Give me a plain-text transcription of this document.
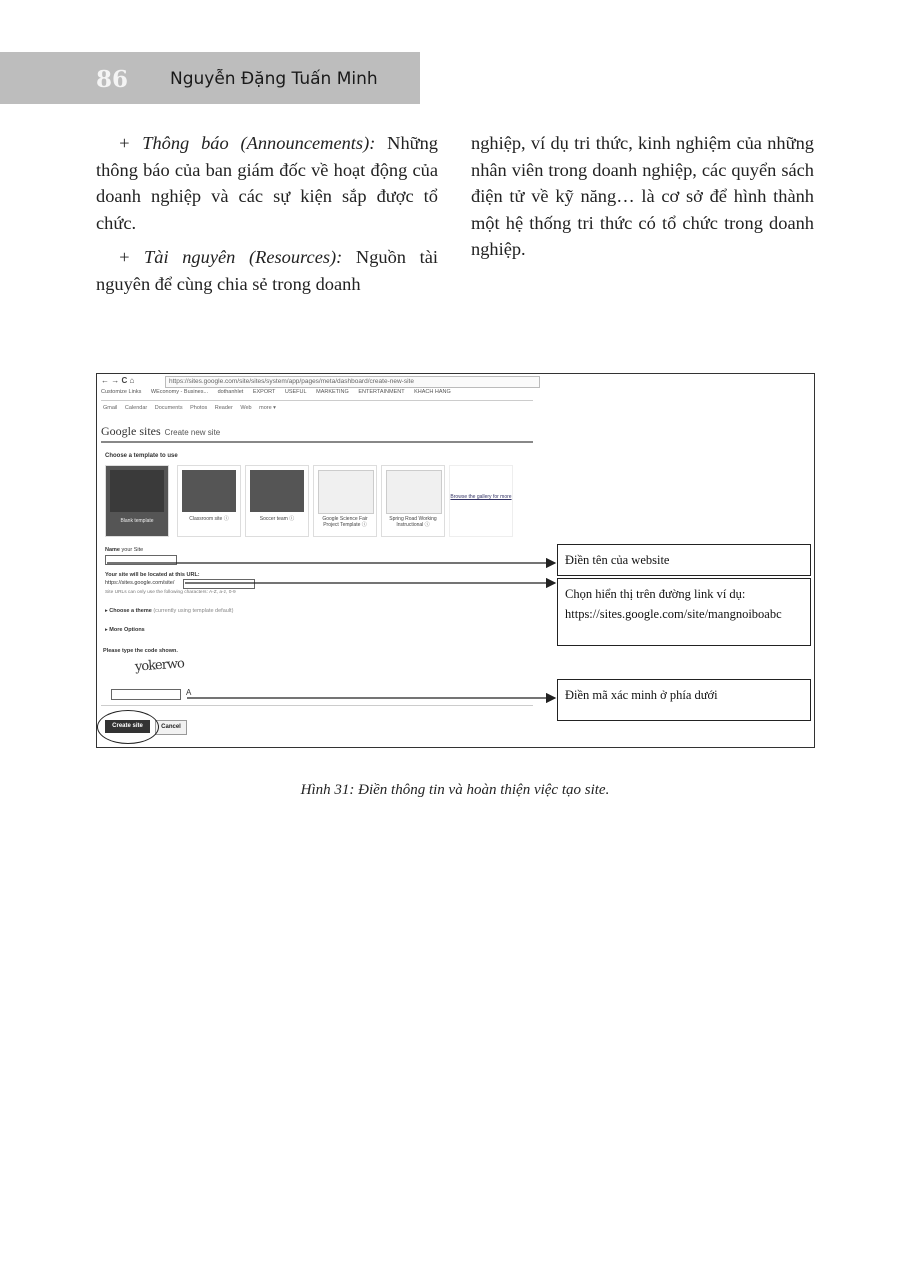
86 Nguyễn Đặng Tuấn Minh

+ Thông báo (Announcements): Những thông báo của ban giám đốc về hoạt động của doanh nghiệp và các sự kiện sắp được tổ chức.

+ Tài nguyên (Resources): Nguồn tài nguyên để cùng chia sẻ trong doanh

nghiệp, ví dụ tri thức, kinh nghiệm của những nhân viên trong doanh nghiệp, các quyển sách điện tử về kỹ năng… là cơ sở để hình thành một hệ thống tri thức có tổ chức trong doanh nghiệp.

← → C ⌂	https://sites.google.com/site/sites/system/app/pages/meta/dashboard/create-new-site
Customize Links WEconomy - Busines... dothanhlet EXPORT USEFUL MARKETING ENTERTAINMENT KHACH HANG
Gmail Calendar Documents Photos Reader Web more ▾
Google sites Create new site
Choose a template to use
Blank template	Classroom site ⓘ	Soccer team ⓘ	Google Science Fair Project Template ⓘ
Spring Road Working Instructional ⓘ
Browse the gallery for more
Name your Site
Your site will be located at this URL:
https://sites.google.com/site/
Site URLs can only use the following characters: A-Z, a-z, 0-9
▸ Choose a theme (currently using template default)
▸ More Options
Please type the code shown.
yokerwo
A
Create site	Cancel
Điền tên của website
Chọn hiển thị trên đường link ví dụ:
https://sites.google.com/site/mangnoiboabc
Điền mã xác minh ở phía dưới
Hình 31: Điền thông tin và hoàn thiện việc tạo site.
